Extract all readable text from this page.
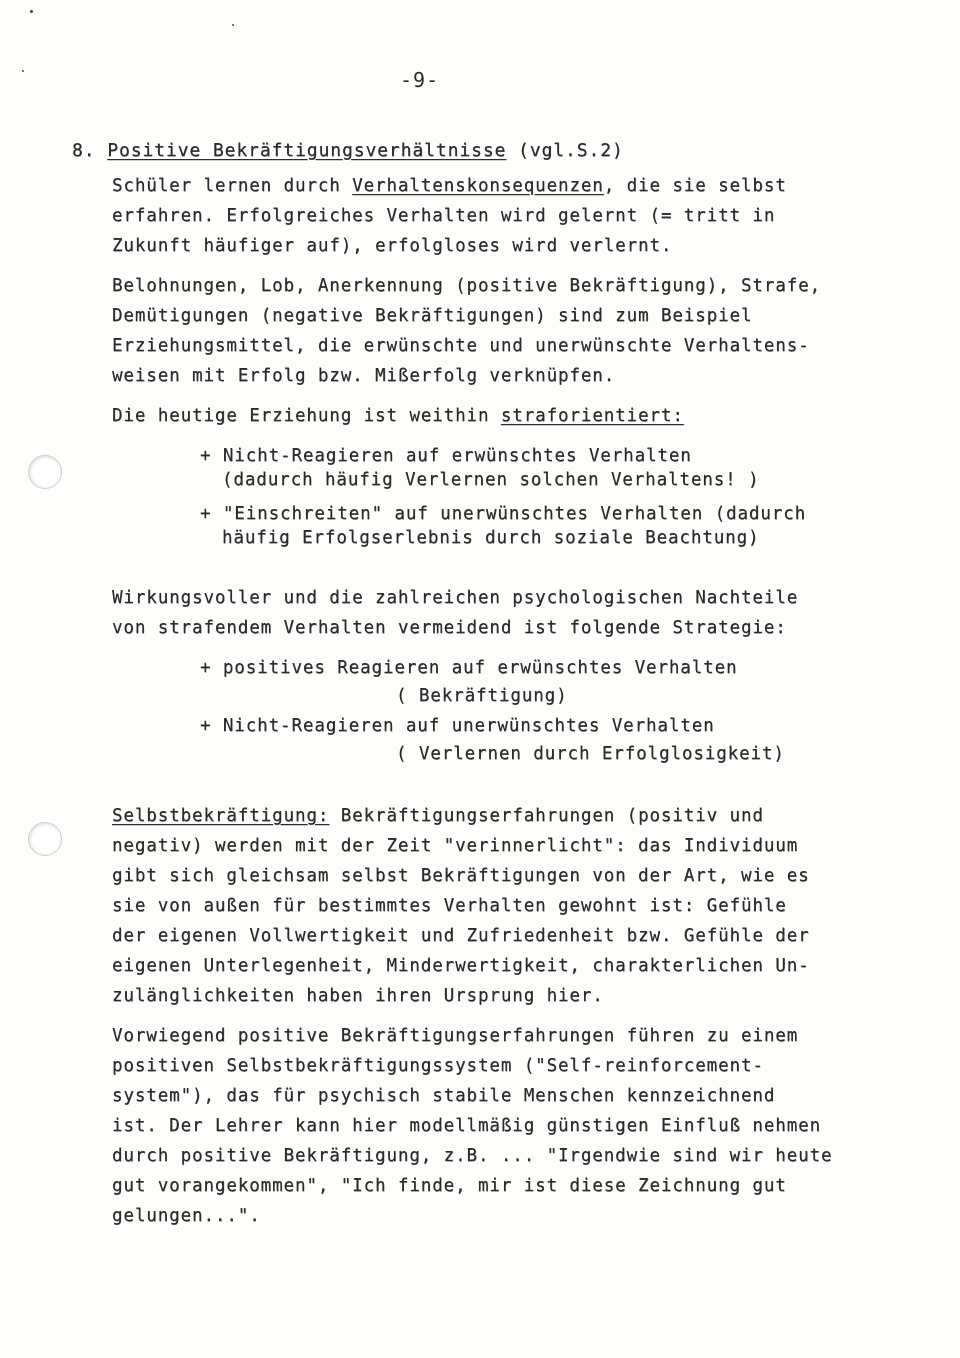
-9-
8. Positive Bekräftigungsverhältnisse (vgl.S.2)
Schüler lernen durch Verhaltenskonsequenzen, die sie selbst
erfahren. Erfolgreiches Verhalten wird gelernt (= tritt in
Zukunft häufiger auf), erfolgloses wird verlernt.
Belohnungen, Lob, Anerkennung (positive Bekräftigung), Strafe,
Demütigungen (negative Bekräftigungen) sind zum Beispiel
Erziehungsmittel, die erwünschte und unerwünschte Verhaltens-
weisen mit Erfolg bzw. Mißerfolg verknüpfen.
Die heutige Erziehung ist weithin straforientiert:
+ Nicht-Reagieren auf erwünschtes Verhalten
(dadurch häufig Verlernen solchen Verhaltens! )
+ "Einschreiten" auf unerwünschtes Verhalten (dadurch
häufig Erfolgserlebnis durch soziale Beachtung)
Wirkungsvoller und die zahlreichen psychologischen Nachteile
von strafendem Verhalten vermeidend ist folgende Strategie:
+ positives Reagieren auf erwünschtes Verhalten
( Bekräftigung)
+ Nicht-Reagieren auf unerwünschtes Verhalten
( Verlernen durch Erfolglosigkeit)
Selbstbekräftigung: Bekräftigungserfahrungen (positiv und
negativ) werden mit der Zeit "verinnerlicht": das Individuum
gibt sich gleichsam selbst Bekräftigungen von der Art, wie es
sie von außen für bestimmtes Verhalten gewohnt ist: Gefühle
der eigenen Vollwertigkeit und Zufriedenheit bzw. Gefühle der
eigenen Unterlegenheit, Minderwertigkeit, charakterlichen Un-
zulänglichkeiten haben ihren Ursprung hier.
Vorwiegend positive Bekräftigungserfahrungen führen zu einem
positiven Selbstbekräftigungssystem ("Self-reinforcement-
system"), das für psychisch stabile Menschen kennzeichnend
ist. Der Lehrer kann hier modellmäßig günstigen Einfluß nehmen
durch positive Bekräftigung, z.B. ... "Irgendwie sind wir heute
gut vorangekommen", "Ich finde, mir ist diese Zeichnung gut
gelungen...".
